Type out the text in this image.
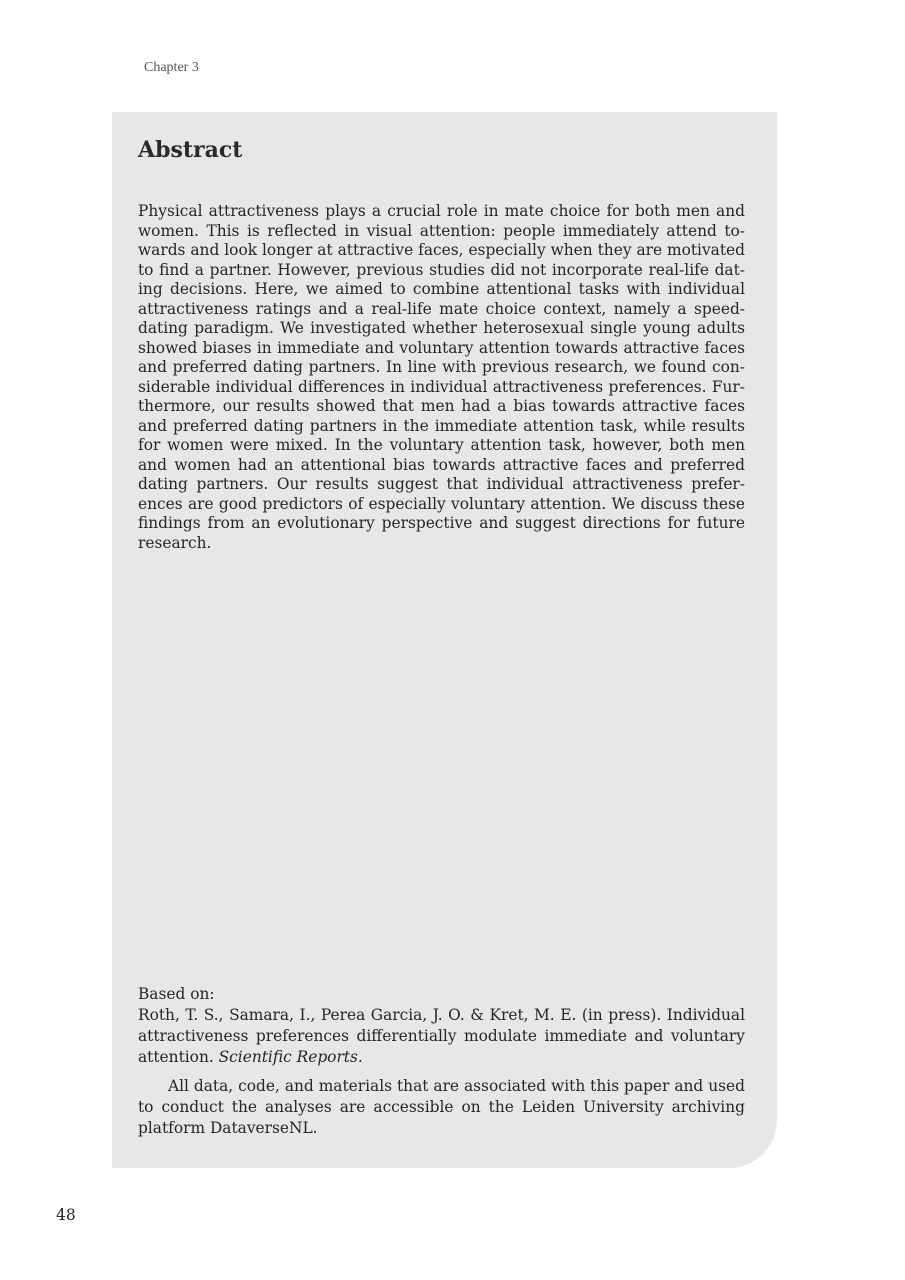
Chapter 3
Abstract

Physical attractiveness plays a crucial role in mate choice for both men and women. This is reflected in visual attention: people immediately attend towards and look longer at attractive faces, especially when they are motivated to find a partner. However, previous studies did not incorporate real-life dating decisions. Here, we aimed to combine attentional tasks with individual attractiveness ratings and a real-life mate choice context, namely a speed-dating paradigm. We investigated whether heterosexual single young adults showed biases in immediate and voluntary attention towards attractive faces and preferred dating partners. In line with previous research, we found considerable individual differences in individual attractiveness preferences. Furthermore, our results showed that men had a bias towards attractive faces and preferred dating partners in the immediate attention task, while results for women were mixed. In the voluntary attention task, however, both men and women had an attentional bias towards attractive faces and preferred dating partners. Our results suggest that individual attractiveness preferences are good predictors of especially voluntary attention. We discuss these findings from an evolutionary perspective and suggest directions for future research.

Based on:
Roth, T. S., Samara, I., Perea Garcia, J. O. & Kret, M. E. (in press). Individual attractiveness preferences differentially modulate immediate and voluntary attention. Scientific Reports.

All data, code, and materials that are associated with this paper and used to conduct the analyses are accessible on the Leiden University archiving platform DataverseNL.

48
